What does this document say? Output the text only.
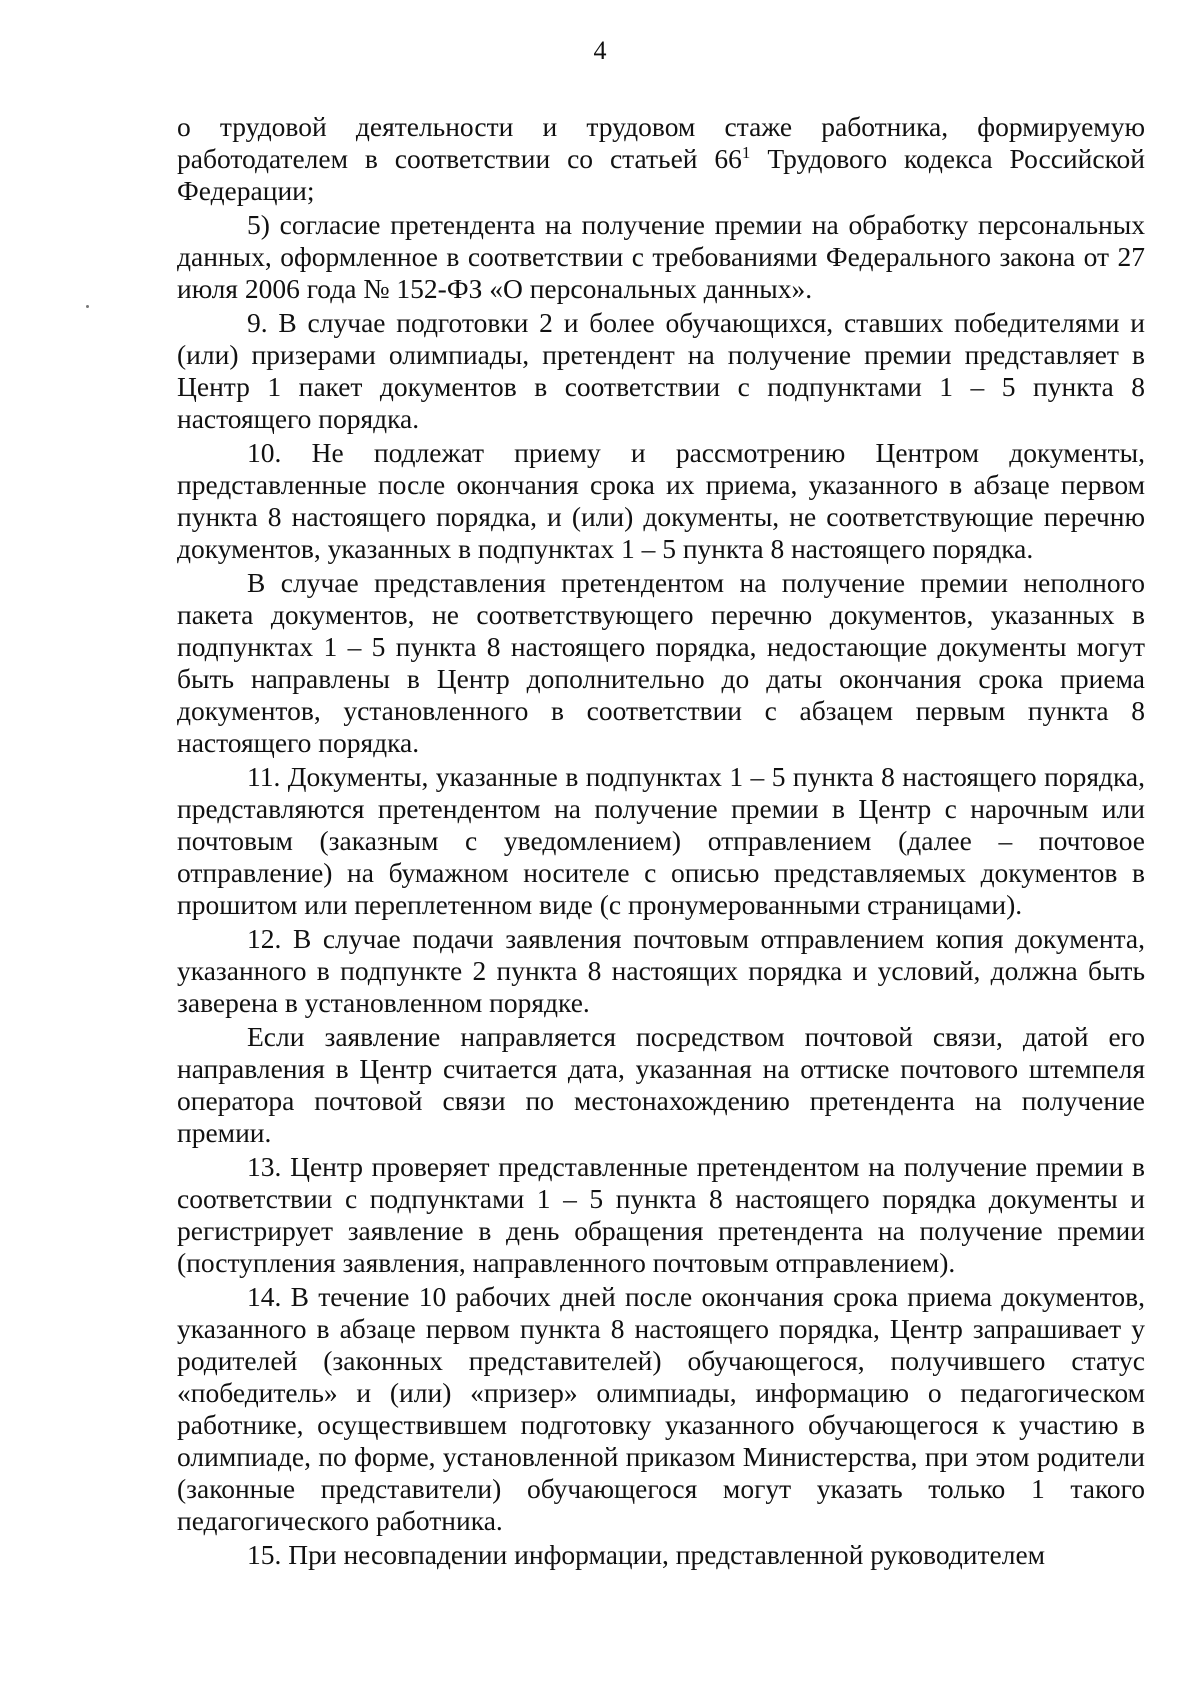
4

о трудовой деятельности и трудовом стаже работника, формируемую работодателем в соответствии со статьей $66^1$ Трудового кодекса Российской Федерации;

5) согласие претендента на получение премии на обработку персональных данных, оформленное в соответствии с требованиями Федерального закона от 27 июля 2006 года № 152-ФЗ «О персональных данных».

9. В случае подготовки 2 и более обучающихся, ставших победителями и (или) призерами олимпиады, претендент на получение премии представляет в Центр 1 пакет документов в соответствии с подпунктами 1 – 5 пункта 8 настоящего порядка.

10. Не подлежат приему и рассмотрению Центром документы, представленные после окончания срока их приема, указанного в абзаце первом пункта 8 настоящего порядка, и (или) документы, не соответствующие перечню документов, указанных в подпунктах 1 – 5 пункта 8 настоящего порядка.

В случае представления претендентом на получение премии неполного пакета документов, не соответствующего перечню документов, указанных в подпунктах 1 – 5 пункта 8 настоящего порядка, недостающие документы могут быть направлены в Центр дополнительно до даты окончания срока приема документов, установленного в соответствии с абзацем первым пункта 8 настоящего порядка.

11. Документы, указанные в подпунктах 1 – 5 пункта 8 настоящего порядка, представляются претендентом на получение премии в Центр с нарочным или почтовым (заказным с уведомлением) отправлением (далее – почтовое отправление) на бумажном носителе с описью представляемых документов в прошитом или переплетенном виде (с пронумерованными страницами).

12. В случае подачи заявления почтовым отправлением копия документа, указанного в подпункте 2 пункта 8 настоящих порядка и условий, должна быть заверена в установленном порядке.

Если заявление направляется посредством почтовой связи, датой его направления в Центр считается дата, указанная на оттиске почтового штемпеля оператора почтовой связи по местонахождению претендента на получение премии.

13. Центр проверяет представленные претендентом на получение премии в соответствии с подпунктами 1 – 5 пункта 8 настоящего порядка документы и регистрирует заявление в день обращения претендента на получение премии (поступления заявления, направленного почтовым отправлением).

14. В течение 10 рабочих дней после окончания срока приема документов, указанного в абзаце первом пункта 8 настоящего порядка, Центр запрашивает у родителей (законных представителей) обучающегося, получившего статус «победитель» и (или) «призер» олимпиады, информацию о педагогическом работнике, осуществившем подготовку указанного обучающегося к участию в олимпиаде, по форме, установленной приказом Министерства, при этом родители (законные представители) обучающегося могут указать только 1 такого педагогического работника.

15. При несовпадении информации, представленной руководителем
